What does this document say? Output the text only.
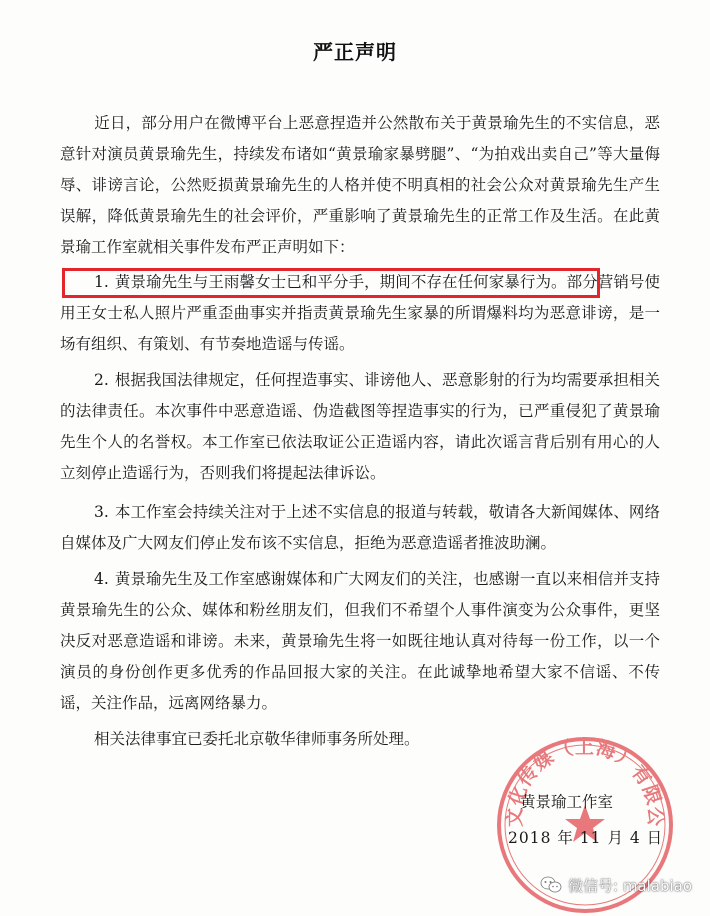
严正声明
近日，部分用户在微博平台上恶意捏造并公然散布关于黄景瑜先生的不实信息，恶意针对演员黄景瑜先生，持续发布诸如“黄景瑜家暴劈腿”、“为拍戏出卖自己”等大量侮辱、诽谤言论，公然贬损黄景瑜先生的人格并使不明真相的社会公众对黄景瑜先生产生误解，降低黄景瑜先生的社会评价，严重影响了黄景瑜先生的正常工作及生活。在此黄景瑜工作室就相关事件发布严正声明如下：
1. 黄景瑜先生与王雨馨女士已和平分手，期间不存在任何家暴行为。部分营销号使用王女士私人照片严重歪曲事实并指责黄景瑜先生家暴的所谓爆料均为恶意诽谤，是一场有组织、有策划、有节奏地造谣与传谣。
2. 根据我国法律规定，任何捏造事实、诽谤他人、恶意影射的行为均需要承担相关的法律责任。本次事件中恶意造谣、伪造截图等捏造事实的行为，已严重侵犯了黄景瑜先生个人的名誉权。本工作室已依法取证公正造谣内容，请此次谣言背后别有用心的人立刻停止造谣行为，否则我们将提起法律诉讼。
3. 本工作室会持续关注对于上述不实信息的报道与转载，敬请各大新闻媒体、网络自媒体及广大网友们停止发布该不实信息，拒绝为恶意造谣者推波助澜。
4. 黄景瑜先生及工作室感谢媒体和广大网友们的关注，也感谢一直以来相信并支持黄景瑜先生的公众、媒体和粉丝朋友们，但我们不希望个人事件演变为公众事件，更坚决反对恶意造谣和诽谤。未来，黄景瑜先生将一如既往地认真对待每一份工作，以一个演员的身份创作更多优秀的作品回报大家的关注。在此诚挚地希望大家不信谣、不传谣，关注作品，远离网络暴力。
相关法律事宜已委托北京敬华律师事务所处理。	有文化传媒（上海）有限公司
黄景瑜工作室
2018 年 11 月 4 日
微信号: malabiao
